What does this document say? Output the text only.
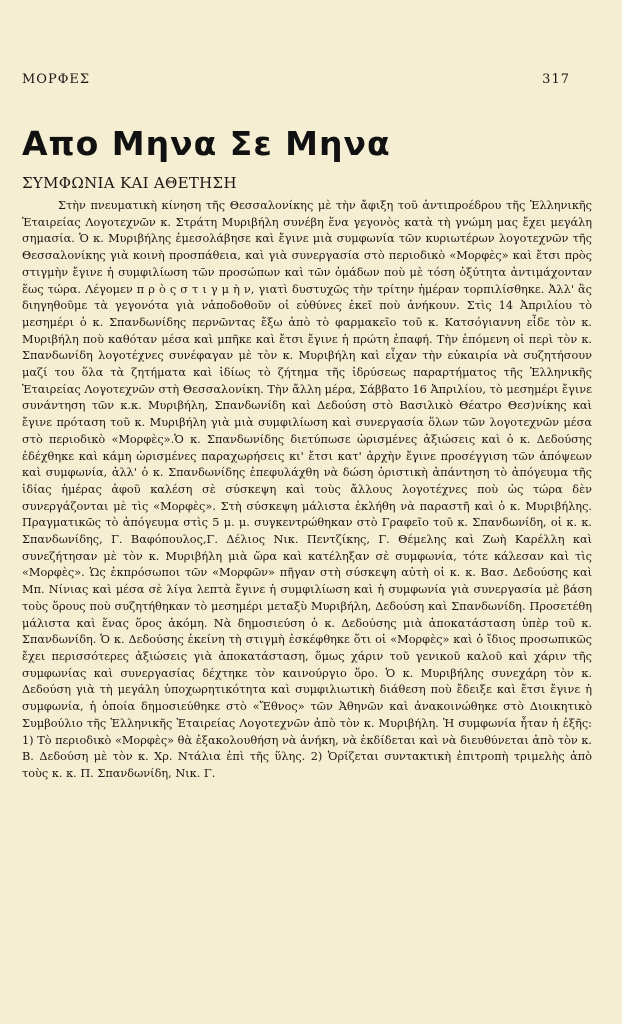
ΜΟΡΦΕΣ	317
Απο Μηνα Σε Μηνα
ΣΥΜΦΩΝΙΑ ΚΑΙ ΑΘΕΤΗΣΗ

Στὴν πνευματικὴ κίνηση τῆς Θεσσαλονίκης μὲ τὴν ἄφιξη τοῦ ἀντιπροέδρου τῆς Ἑλληνικῆς Ἑταιρείας Λογοτεχνῶν κ. Στράτη Μυριβήλη συνέβη ἕνα γεγονὸς κατὰ τὴ γνώμη μας ἔχει μεγάλη σημασία. Ὁ κ. Μυριβήλης ἐμεσολάβησε καὶ ἔγινε μιὰ συμφωνία τῶν κυριωτέρων λογοτεχνῶν τῆς Θεσσαλονίκης γιὰ κοινὴ προσπάθεια, καὶ γιὰ συνεργασία στὸ περιοδικὸ «Μορφὲς» καὶ ἔτσι πρὸς στιγμὴν ἔγινε ἡ συμφιλίωση τῶν προσώπων καὶ τῶν ὁμάδων ποὺ μὲ τόση ὀξύτητα ἀντιμάχονταν ἕως τώρα. Λέγομεν π ρ ὸ ς σ τ ι γ μ ὴ ν, γιατὶ δυστυχῶς τὴν τρίτην ἡμέραν τορπιλίσθηκε. Ἀλλ' ἂς διηγηθοῦμε τὰ γεγονότα γιὰ νἀποδοθοῦν οἱ εὐθύνες ἐκεῖ ποὺ ἀνήκουν. Στὶς 14 Ἀπριλίου τὸ μεσημέρι ὁ κ. Σπανδωνίδης περνῶντας ἔξω ἀπὸ τὸ φαρμακεῖο τοῦ κ. Κατσόγιαννη εἶδε τὸν κ. Μυριβήλη ποὺ καθόταν μέσα καὶ μπῆκε καὶ ἔτσι ἔγινε ἡ πρώτη ἐπαφή. Τὴν ἑπόμενη οἱ περὶ τὸν κ. Σπανδωνίδη λογοτέχνες συνέφαγαν μὲ τὸν κ. Μυριβήλη καὶ εἶχαν τὴν εὐκαιρία νὰ συζητήσουν μαζί του ὅλα τὰ ζητήματα καὶ ἰδίως τὸ ζήτημα τῆς ἱδρύσεως παραρτήματος τῆς Ἑλληνικῆς Ἑταιρείας Λογοτεχνῶν στὴ Θεσσαλονίκη. Τὴν ἄλλη μέρα, Σάββατο 16 Ἀπριλίου, τὸ μεσημέρι ἔγινε συνάντηση τῶν κ.κ. Μυριβήλη, Σπανδωνίδη καὶ Δεδούση στὸ Βασιλικὸ Θέατρο Θεσ)νίκης καὶ ἔγινε πρόταση τοῦ κ. Μυριβήλη γιὰ μιὰ συμφιλίωση καὶ συνεργασία ὅλων τῶν λογοτεχνῶν μέσα στὸ περιοδικὸ «Μορφὲς».Ὁ κ. Σπανδωνίδης διετύπωσε ὡρισμένες ἀξιώσεις καὶ ὁ κ. Δεδούσης ἐδέχθηκε καὶ κάμη ὡρισμένες παραχωρήσεις κι' ἔτσι κατ' ἀρχὴν ἔγινε προσέγγιση τῶν ἀπόψεων καὶ συμφωνία, ἀλλ' ὁ κ. Σπανδωνίδης ἐπεφυλάχθη νὰ δώση ὁριστικὴ ἀπάντηση τὸ ἀπόγευμα τῆς ἰδίας ἡμέρας ἀφοῦ καλέση σὲ σύσκεψη καὶ τοὺς ἄλλους λογοτέχνες ποὺ ὡς τώρα δὲν συνεργάζονται μὲ τὶς «Μορφὲς». Στὴ σύσκεψη μάλιστα ἐκλήθη νὰ παραστῆ καὶ ὁ κ. Μυριβήλης. Πραγματικῶς τὸ ἀπόγευμα στὶς 5 μ. μ. συγκεντρώθηκαν στὸ Γραφεῖο τοῦ κ. Σπανδωνίδη, οἱ κ. κ. Σπανδωνίδης, Γ. Βαφόπουλος,Γ. Δέλιος Νικ. Πεντζίκης, Γ. Θέμελης καὶ Ζωὴ Καρέλλη καὶ συνεζήτησαν μὲ τὸν κ. Μυριβήλη μιὰ ὥρα καὶ κατέληξαν σὲ συμφωνία, τότε κάλεσαν καὶ τὶς «Μορφὲς». Ὡς ἐκπρόσωποι τῶν «Μορφῶν» πῆγαν στὴ σύσκεψη αὐτὴ οἱ κ. κ. Βασ. Δεδούσης καὶ Μπ. Νίνιας καὶ μέσα σὲ λίγα λεπτὰ ἔγινε ἡ συμφιλίωση καὶ ἡ συμφωνία γιὰ συνεργασία μὲ βάση τοὺς ὅρους ποὺ συζητήθηκαν τὸ μεσημέρι μεταξὺ Μυριβήλη, Δεδούση καὶ Σπανδωνίδη. Προσετέθη μάλιστα καὶ ἕνας ὅρος ἀκόμη. Νὰ δημοσιεύση ὁ κ. Δεδούσης μιὰ ἀποκατάσταση ὑπὲρ τοῦ κ. Σπανδωνίδη. Ὁ κ. Δεδούσης ἐκείνη τὴ στιγμὴ ἐσκέφθηκε ὅτι οἱ «Μορφὲς» καὶ ὁ ἴδιος προσωπικῶς ἔχει περισσότερες ἀξιώσεις γιὰ ἀποκατάσταση, ὅμως χάριν τοῦ γενικοῦ καλοῦ καὶ χάριν τῆς συμφωνίας καὶ συνεργασίας δέχτηκε τὸν καινούργιο ὅρο. Ὁ κ. Μυριβήλης συνεχάρη τὸν κ. Δεδούση γιὰ τὴ μεγάλη ὑποχωρητικότητα καὶ συμφιλιωτικὴ διάθεση ποὺ ἔδειξε καὶ ἔτσι ἔγινε ἡ συμφωνία, ἡ ὁποία δημοσιεύθηκε στὸ «Ἔθνος» τῶν Ἀθηνῶν καὶ ἀνακοινώθηκε στὸ Διοικητικὸ Συμβούλιο τῆς Ἑλληνικῆς Ἑταιρείας Λογοτεχνῶν ἀπὸ τὸν κ. Μυριβήλη. Ἡ συμφωνία ἦταν ἡ ἑξῆς: 1) Τὸ περιοδικὸ «Μορφὲς» θὰ ἐξακολουθήση νὰ ἀνήκη, νὰ ἐκδίδεται καὶ νὰ διευθύνεται ἀπὸ τὸν κ. Β. Δεδούση μὲ τὸν κ. Χρ. Ντάλια ἐπὶ τῆς ὕλης. 2) Ὁρίζεται συντακτικὴ ἐπιτροπὴ τριμελὴς ἀπὸ τοὺς κ. κ. Π. Σπανδωνίδη, Νικ. Γ.
